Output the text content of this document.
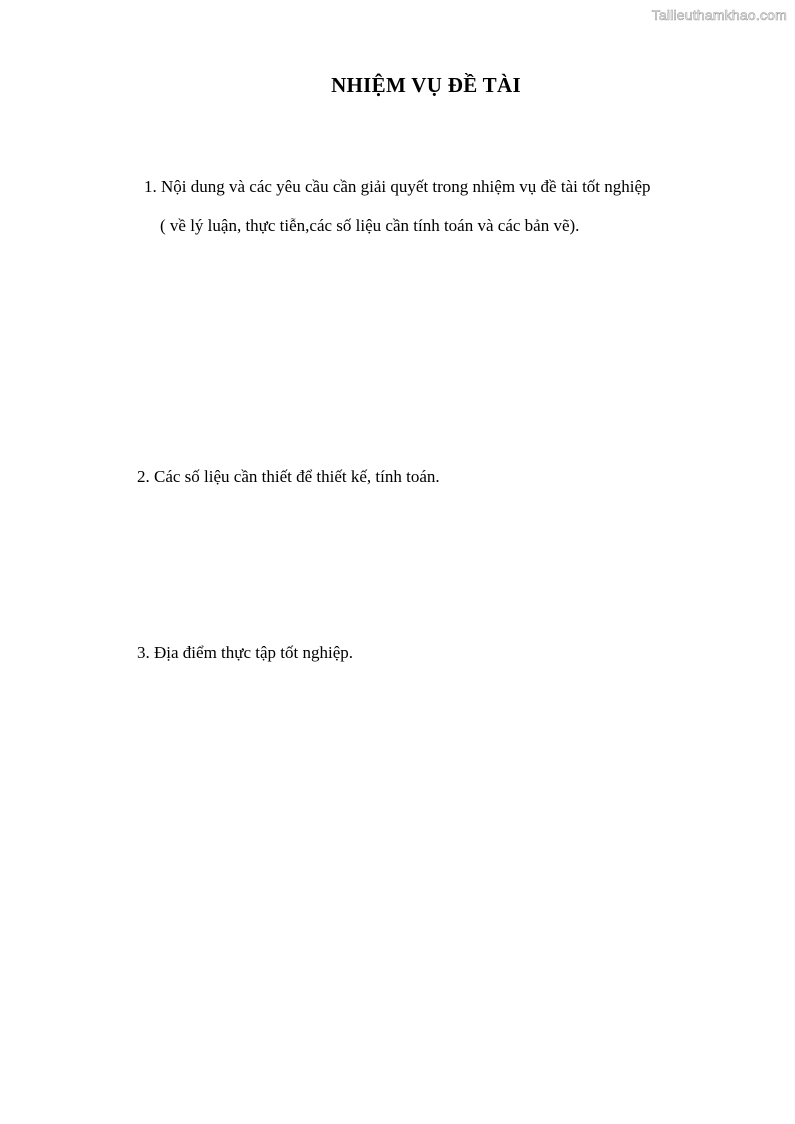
Tailieuthamkhao.com
NHIỆM VỤ ĐỀ TÀI
1. Nội dung và các yêu cầu cần giải quyết trong nhiệm vụ đề tài tốt nghiệp
( về lý luận, thực tiễn,các số liệu cần tính toán và các bản vẽ).
2. Các số liệu cần thiết để thiết kế, tính toán.
3. Địa điểm thực tập tốt nghiệp.
